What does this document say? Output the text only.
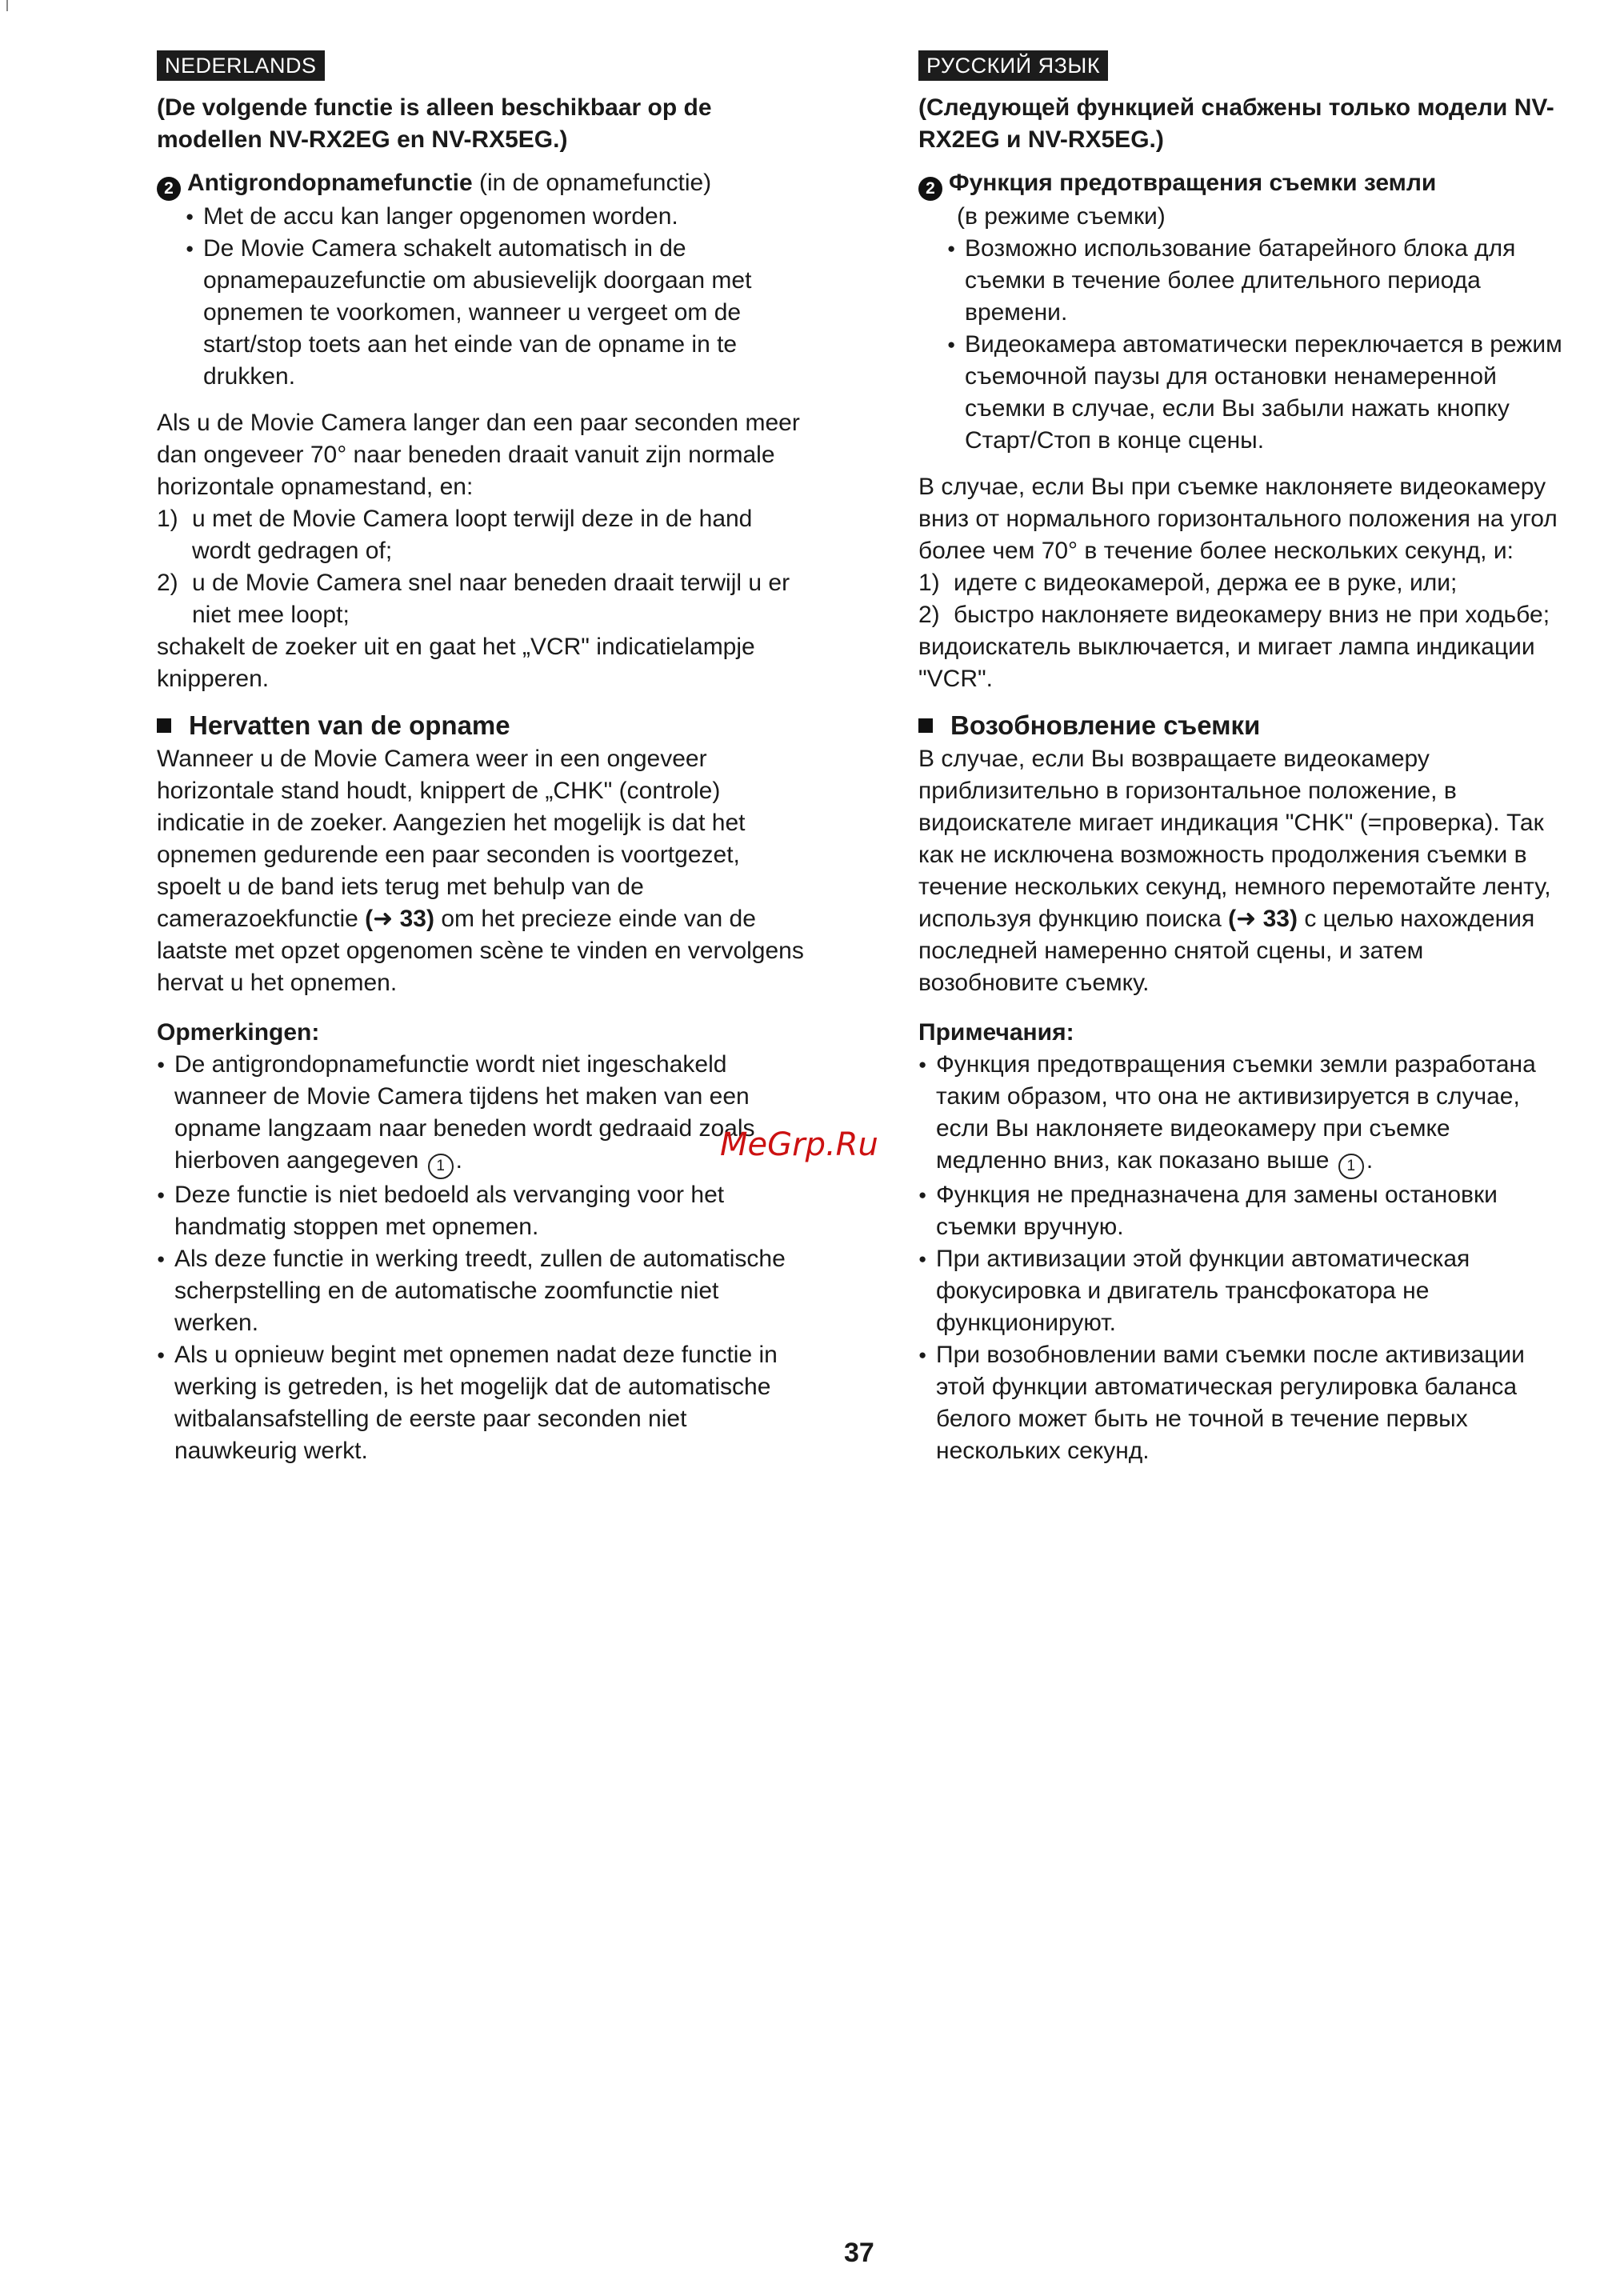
NEDERLANDS

(De volgende functie is alleen beschikbaar op de modellen NV-RX2EG en NV-RX5EG.)

2 Antigrondopnamefunctie (in de opnamefunctie)

● Met de accu kan langer opgenomen worden.
● De Movie Camera schakelt automatisch in de opnamepauzefunctie om abusievelijk doorgaan met opnemen te voorkomen, wanneer u vergeet om de start/stop toets aan het einde van de opname in te drukken.

Als u de Movie Camera langer dan een paar seconden meer dan ongeveer 70° naar beneden draait vanuit zijn normale horizontale opnamestand, en:

1) u met de Movie Camera loopt terwijl deze in de hand wordt gedragen of;
2) u de Movie Camera snel naar beneden draait terwijl u er niet mee loopt;

schakelt de zoeker uit en gaat het „VCR" indicatielampje knipperen.

Hervatten van de opname

Wanneer u de Movie Camera weer in een ongeveer horizontale stand houdt, knippert de „CHK" (controle) indicatie in de zoeker. Aangezien het mogelijk is dat het opnemen gedurende een paar seconden is voortgezet, spoelt u de band iets terug met behulp van de camerazoekfunctie (➜ 33) om het precieze einde van de laatste met opzet opgenomen scène te vinden en vervolgens hervat u het opnemen.

Opmerkingen:

● De antigrondopnamefunctie wordt niet ingeschakeld wanneer de Movie Camera tijdens het maken van een opname langzaam naar beneden wordt gedraaid zoals hierboven aangegeven 1 .
● Deze functie is niet bedoeld als vervanging voor het handmatig stoppen met opnemen.
● Als deze functie in werking treedt, zullen de automatische scherpstelling en de automatische zoomfunctie niet werken.
● Als u opnieuw begint met opnemen nadat deze functie in werking is getreden, is het mogelijk dat de automatische witbalansafstelling de eerste paar seconden niet nauwkeurig werkt.
РУССКИЙ ЯЗЫК

(Следующей функцией снабжены только модели NV-RX2EG и NV-RX5EG.)

2 Функция предотвращения съемки земли

(в режиме съемки)

● Возможно использование батарейного блока для съемки в течение более длительного периода времени.
● Видеокамера автоматически переключается в режим съемочной паузы для остановки ненамеренной съемки в случае, если Вы забыли нажать кнопку Старт/Стоп в конце сцены.

В случае, если Вы при съемке наклоняете видеокамеру вниз от нормального горизонтального положения на угол более чем 70° в течение более нескольких секунд, и:

1) идете с видеокамерой, держа ее в руке, или;
2) быстро наклоняете видеокамеру вниз не при ходьбе;

видоискатель выключается, и мигает лампа индикации "VCR".

Возобновление съемки

В случае, если Вы возвращаете видеокамеру приблизительно в горизонтальное положение, в видоискателе мигает индикация "CHK" (=проверка). Так как не исключена возможность продолжения съемки в течение нескольких секунд, немного перемотайте ленту, используя функцию поиска (➜ 33) с целью нахождения последней намеренно снятой сцены, и затем возобновите съемку.

Примечания:

● Функция предотвращения съемки земли разработана таким образом, что она не активизируется в случае, если Вы наклоняете видеокамеру при съемке медленно вниз, как показано выше 1 .
● Функция не предназначена для замены остановки съемки вручную.
● При активизации этой функции автоматическая фокусировка и двигатель трансфокатора не функционируют.
● При возобновлении вами съемки после активизации этой функции автоматическая регулировка баланса белого может быть не точной в течение первых нескольких секунд.
MeGrp.Ru
37
